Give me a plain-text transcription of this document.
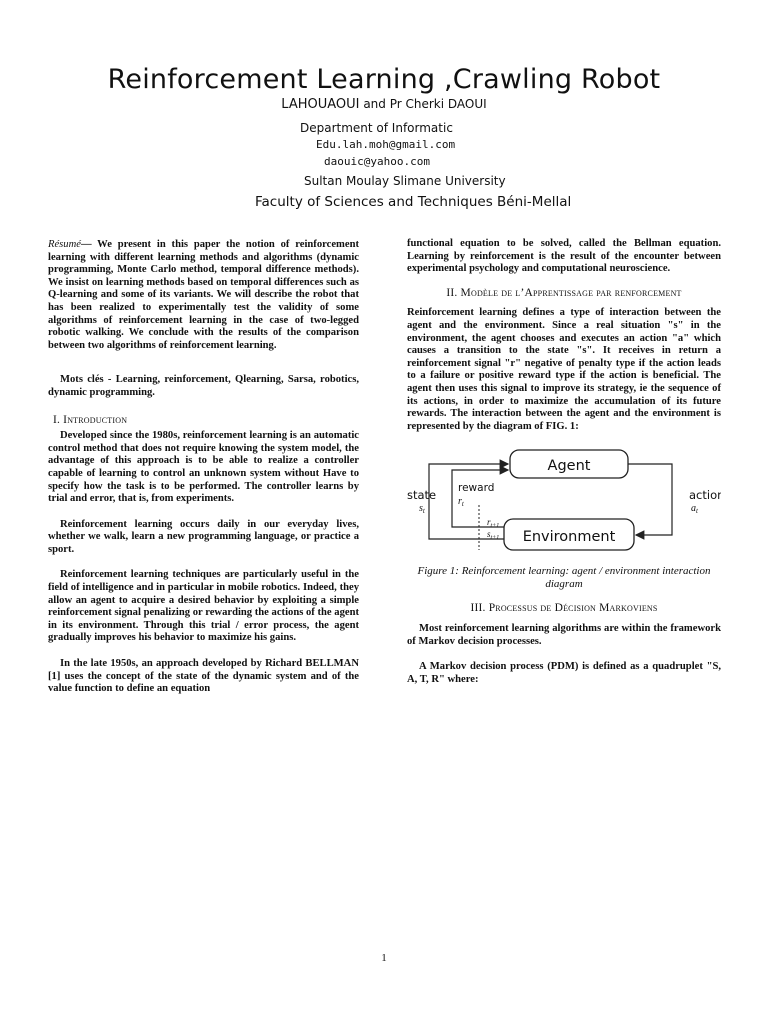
Reinforcement Learning ,Crawling Robot
LAHOUAOUI and Pr Cherki DAOUI
Department of Informatic
Edu.lah.moh@gmail.com
daouic@yahoo.com
Sultan Moulay Slimane University
Faculty of Sciences and Techniques Béni-Mellal

Résumé— We present in this paper the notion of reinforcement learning with different learning methods and algorithms (dynamic programming, Monte Carlo method, temporal difference methods). We insist on learning methods based on temporal differences such as Q-learning and some of its variants. We will describe the robot that has been realized to experimentally test the validity of some algorithms of reinforcement learning in the case of two-legged robotic walking. We conclude with the results of the comparison between two algorithms of reinforcement learning.

Mots clés - Learning, reinforcement, Qlearning, Sarsa, robotics, dynamic programming.

I. Introduction

Developed since the 1980s, reinforcement learning is an automatic control method that does not require knowing the system model, the advantage of this approach is to be able to realize a controller capable of learning to control an unknown system without Have to specify how the task is to be performed. The controller learns by trial and error, that is, from experiments.

Reinforcement learning occurs daily in our everyday lives, whether we walk, learn a new programming language, or practice a sport.

Reinforcement learning techniques are particularly useful in the field of intelligence and in particular in mobile robotics. Indeed, they allow an agent to acquire a desired behavior by exploiting a simple reinforcement signal penalizing or rewarding the actions of the agent in its environment. Through this trial / error process, the agent gradually improves his behavior to maximize his gains.

In the late 1950s, an approach developed by Richard BELLMAN [1] uses the concept of the state of the dynamic system and of the value function to define an equation

functional equation to be solved, called the Bellman equation. Learning by reinforcement is the result of the encounter between experimental psychology and computational neuroscience.

II. Modèle de l’Apprentissage par renforcement

Reinforcement learning defines a type of interaction between the agent and the environment. Since a real situation "s" in the environment, the agent chooses and executes an action "a" which causes a transition to the state "s". It receives in return a reinforcement signal "r" negative of penalty type if the action leads to a failure or positive reward type if the action is beneficial. The agent then uses this signal to improve its strategy, ie the sequence of its actions, in order to maximize the accumulation of its future rewards. The interaction between the agent and the environment is represented by the diagram of FIG. 1:

Agent
Environment
state
$s_t$
reward
$r_t$
action
$a_t$
$r_{t+1}$
$s_{t+1}$
Figure 1: Reinforcement learning: agent / environment interaction diagram
III. Processus de Décision Markoviens

Most reinforcement learning algorithms are within the framework of Markov decision processes.

A Markov decision process (PDM) is defined as a quadruplet "S, A, T, R" where:

1
